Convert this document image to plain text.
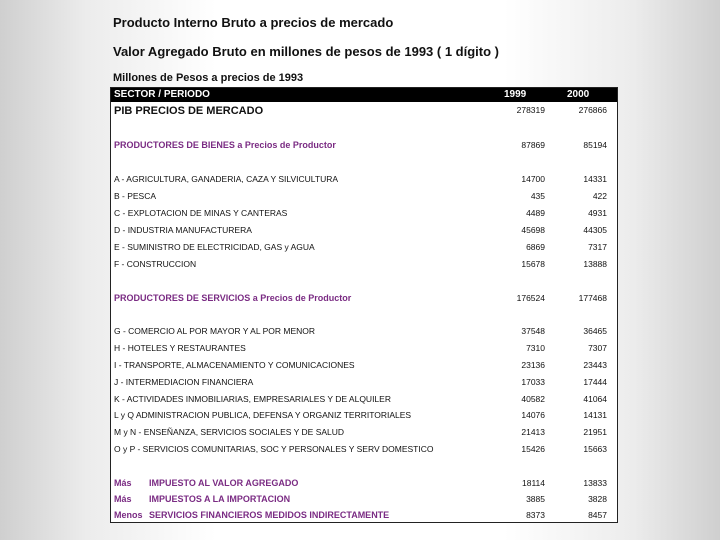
Producto Interno Bruto a precios de mercado
Valor Agregado Bruto en millones de pesos de 1993 ( 1 dígito )
Millones de Pesos a precios de 1993
SECTOR / PERIODO	1999	2000
PIB PRECIOS DE MERCADO	278319	276866
PRODUCTORES DE BIENES a Precios de Productor	87869	85194
A - AGRICULTURA, GANADERIA, CAZA Y SILVICULTURA	14700	14331
B - PESCA	435	422
C - EXPLOTACION DE MINAS Y CANTERAS	4489	4931
D - INDUSTRIA MANUFACTURERA	45698	44305
E - SUMINISTRO DE ELECTRICIDAD, GAS y AGUA	6869	7317
F - CONSTRUCCION	15678	13888
PRODUCTORES DE SERVICIOS a Precios de Productor	176524	177468
G - COMERCIO AL POR MAYOR Y AL POR MENOR	37548	36465
H - HOTELES Y RESTAURANTES	7310	7307
I - TRANSPORTE, ALMACENAMIENTO Y COMUNICACIONES	23136	23443
J - INTERMEDIACION FINANCIERA	17033	17444
K - ACTIVIDADES INMOBILIARIAS, EMPRESARIALES Y DE ALQUILER	40582	41064
L y Q ADMINISTRACION PUBLICA, DEFENSA Y ORGANIZ TERRITORIALES	14076	14131
M y N - ENSEÑANZA, SERVICIOS SOCIALES Y DE SALUD	21413	21951
O y P - SERVICIOS COMUNITARIAS, SOC Y PERSONALES Y SERV DOMESTICO	15426	15663
Más IMPUESTO AL VALOR AGREGADO	18114	13833
Más IMPUESTOS A LA IMPORTACION	3885	3828
Menos SERVICIOS FINANCIEROS MEDIDOS INDIRECTAMENTE	8373	8457
